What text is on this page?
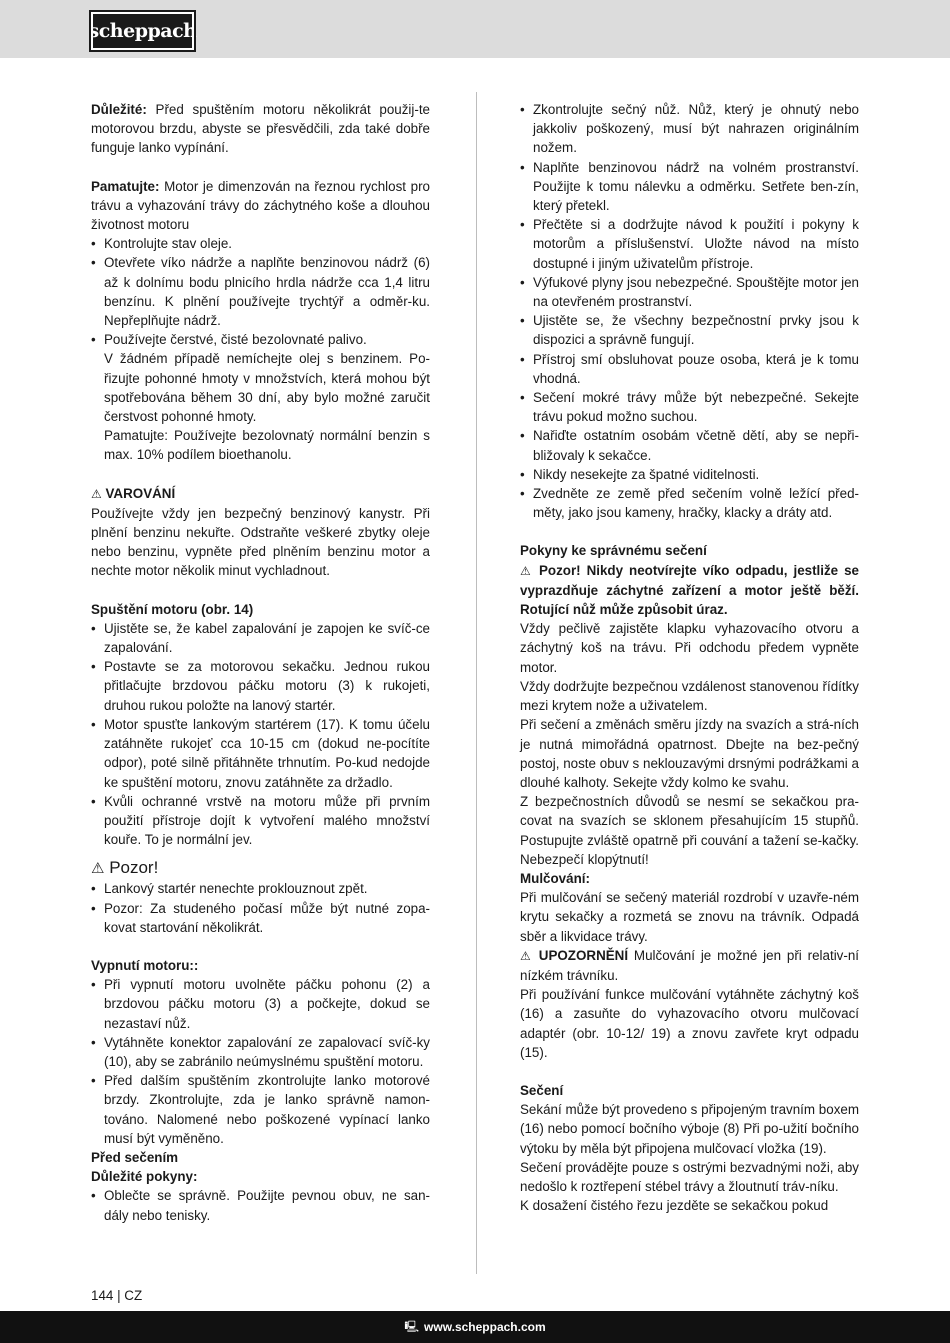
scheppach

Důležité: Před spuštěním motoru několikrát použij-te motorovou brzdu, abyste se přesvědčili, zda také dobře funguje lanko vypínání.

Pamatujte: Motor je dimenzován na řeznou rychlost pro trávu a vyhazování trávy do záchytného koše a dlouhou životnost motoru

• Kontrolujte stav oleje.
• Otevřete víko nádrže a naplňte benzinovou nádrž (6) až k dolnímu bodu plnicího hrdla nádrže cca 1,4 litru benzínu. K plnění používejte trychtýř a odměr-ku. Nepřeplňujte nádrž.
• Používejte čerstvé, čisté bezolovnaté palivo.

V žádném případě nemíchejte olej s benzinem. Po-řizujte pohonné hmoty v množstvích, která mohou být spotřebována během 30 dní, aby bylo možné zaručit čerstvost pohonné hmoty.

Pamatujte: Používejte bezolovnatý normální benzin s max. 10% podílem bioethanolu.

⚠ VAROVÁNÍ

Používejte vždy jen bezpečný benzinový kanystr. Při plnění benzinu nekuřte. Odstraňte veškeré zbytky oleje nebo benzinu, vypněte před plněním benzinu motor a nechte motor několik minut vychladnout.

Spuštění motoru (obr. 14)

• Ujistěte se, že kabel zapalování je zapojen ke svíč-ce zapalování.
• Postavte se za motorovou sekačku. Jednou rukou přitlačujte brzdovou páčku motoru (3) k rukojeti, druhou rukou položte na lanový startér.
• Motor spusťte lankovým startérem (17). K tomu účelu zatáhněte rukojeť cca 10-15 cm (dokud ne-pocítíte odpor), poté silně přitáhněte trhnutím. Po-kud nedojde ke spuštění motoru, znovu zatáhněte za držadlo.
• Kvůli ochranné vrstvě na motoru může při prvním použití přístroje dojít k vytvoření malého množství kouře. To je normální jev.

⚠ Pozor!

• Lankový startér nenechte proklouznout zpět.
• Pozor: Za studeného počasí může být nutné zopa-kovat startování několikrát.

Vypnutí motoru::

• Při vypnutí motoru uvolněte páčku pohonu (2) a brzdovou páčku motoru (3) a počkejte, dokud se nezastaví nůž.
• Vytáhněte konektor zapalování ze zapalovací svíč-ky (10), aby se zabránilo neúmyslnému spuštění motoru.
• Před dalším spuštěním zkontrolujte lanko motorové brzdy. Zkontrolujte, zda je lanko správně namon-továno. Nalomené nebo poškozené vypínací lanko musí být vyměněno.

Před sečením

Důležité pokyny:

• Oblečte se správně. Použijte pevnou obuv, ne san-dály nebo tenisky.
• Zkontrolujte sečný nůž. Nůž, který je ohnutý nebo jakkoliv poškozený, musí být nahrazen originálním nožem.
• Naplňte benzinovou nádrž na volném prostranství. Použijte k tomu nálevku a odměrku. Setřete ben-zín, který přetekl.
• Přečtěte si a dodržujte návod k použití i pokyny k motorům a příslušenství. Uložte návod na místo dostupné i jiným uživatelům přístroje.
• Výfukové plyny jsou nebezpečné. Spouštějte motor jen na otevřeném prostranství.
• Ujistěte se, že všechny bezpečnostní prvky jsou k dispozici a správně fungují.
• Přístroj smí obsluhovat pouze osoba, která je k tomu vhodná.
• Sečení mokré trávy může být nebezpečné. Sekejte trávu pokud možno suchou.
• Nařiďte ostatním osobám včetně dětí, aby se nepři-bližovaly k sekačce.
• Nikdy nesekejte za špatné viditelnosti.
• Zvedněte ze země před sečením volně ležící před-měty, jako jsou kameny, hračky, klacky a dráty atd.

Pokyny ke správnému sečení

⚠ Pozor! Nikdy neotvírejte víko odpadu, jestliže se vyprazdňuje záchytné zařízení a motor ještě běží. Rotující nůž může způsobit úraz.

Vždy pečlivě zajistěte klapku vyhazovacího otvoru a záchytný koš na trávu. Při odchodu předem vypněte motor.

Vždy dodržujte bezpečnou vzdálenost stanovenou řídítky mezi krytem nože a uživatelem.

Při sečení a změnách směru jízdy na svazích a strá-ních je nutná mimořádná opatrnost. Dbejte na bez-pečný postoj, noste obuv s neklouzavými drsnými podrážkami a dlouhé kalhoty. Sekejte vždy kolmo ke svahu.

Z bezpečnostních důvodů se nesmí se sekačkou pra-covat na svazích se sklonem přesahujícím 15 stupňů. Postupujte zvláště opatrně při couvání a tažení se-kačky. Nebezpečí klopýtnutí!

Mulčování:

Při mulčování se sečený materiál rozdrobí v uzavře-ném krytu sekačky a rozmetá se znovu na trávník. Odpadá sběr a likvidace trávy.

⚠ UPOZORNĚNÍ Mulčování je možné jen při relativ-ní nízkém trávníku.

Při používání funkce mulčování vytáhněte záchytný koš (16) a zasuňte do vyhazovacího otvoru mulčovací adaptér (obr. 10-12/ 19) a znovu zavřete kryt odpadu (15).

Sečení

Sekání může být provedeno s připojeným travním boxem (16) nebo pomocí bočního výboje (8) Při po-užití bočního výtoku by měla být připojena mulčovací vložka (19).

Sečení provádějte pouze s ostrými bezvadnými noži, aby nedošlo k roztřepení stébel trávy a žloutnutí tráv-níku.

K dosažení čistého řezu jezděte se sekačkou pokud

144 | CZ
🖳 www.scheppach.com
